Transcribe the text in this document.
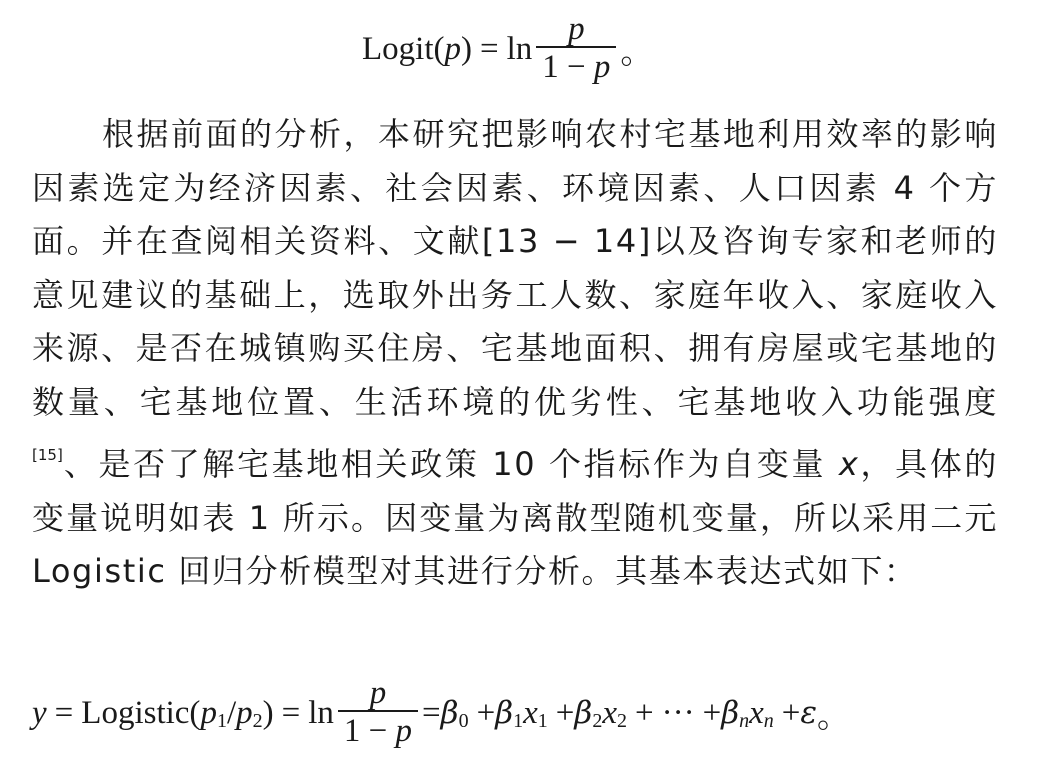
Logit( p ) = $\ln \frac{p}{1 - p}$ 。

根据前面的分析，本研究把影响农村宅基地利用效率的影响因素选定为经济因素、社会因素、环境因素、人口因素 4 个方面。并在查阅相关资料、文献[13 − 14]以及咨询专家和老师的意见建议的基础上，选取外出务工人数、家庭年收入、家庭收入来源、是否在城镇购买住房、宅基地面积、拥有房屋或宅基地的数量、宅基地位置、生活环境的优劣性、宅基地收入功能强度[15]、是否了解宅基地相关政策 10 个指标作为自变量 x，具体的变量说明如表 1 所示。因变量为离散型随机变量，所以采用二元 Logistic 回归分析模型对其进行分析。其基本表达式如下：

y = Logistic( p 1 / p 2 ) = $\ln \frac{p}{1 - p} = \beta$ 0 + β 1 x 1 + β 2 x 2 + ··· + β n x n + ε 。
